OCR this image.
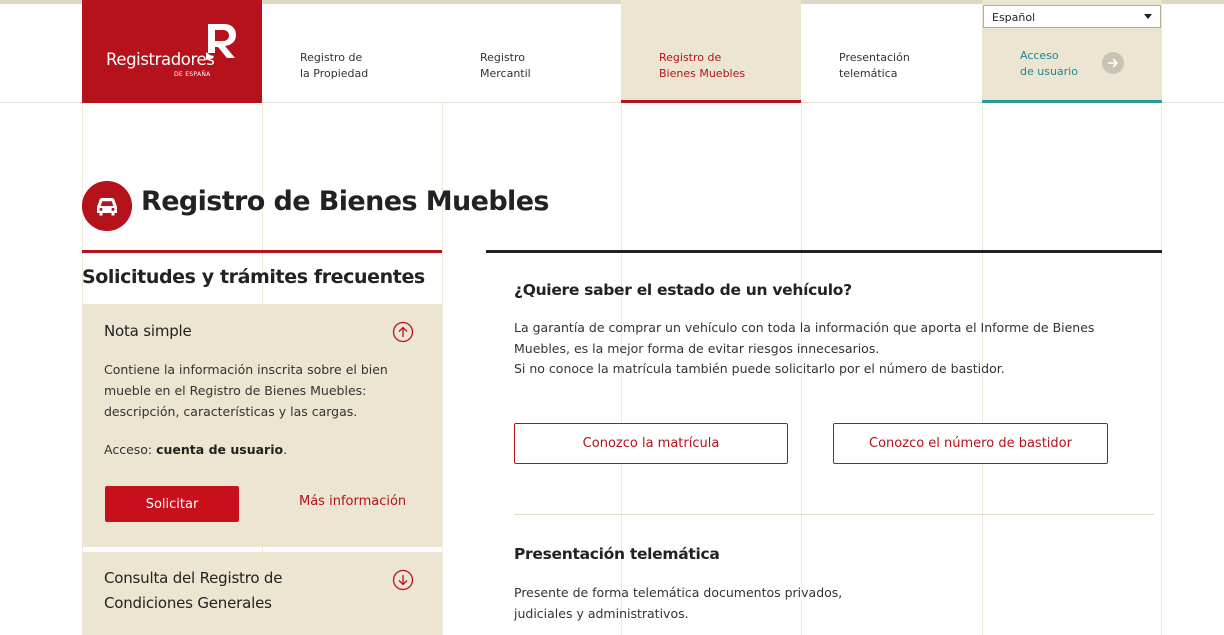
Registradores
DE ESPAÑA
Registro de
la Propiedad
Registro
Mercantil
Registro de
Bienes Muebles
Presentación
telemática
Acceso
de usuario
Español
Registro de Bienes Muebles
Solicitudes y trámites frecuentes
Nota simple

Contiene la información inscrita sobre el bien mueble en el Registro de Bienes Muebles: descripción, características y las cargas.

Acceso: cuenta de usuario.

Solicitar	Más información
Consulta del Registro de Condiciones Generales
¿Quiere saber el estado de un vehículo?

La garantía de comprar un vehículo con toda la información que aporta el Informe de Bienes Muebles, es la mejor forma de evitar riesgos innecesarios.
Si no conoce la matrícula también puede solicitarlo por el número de bastidor.

Conozco la matrícula	Conozco el número de bastidor
Presentación telemática

Presente de forma telemática documentos privados,
judiciales y administrativos.
